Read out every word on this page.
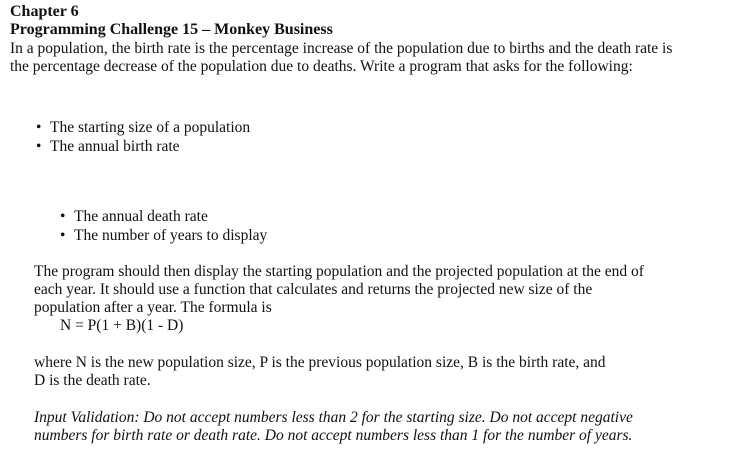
Chapter 6
Programming Challenge 15 – Monkey Business
In a population, the birth rate is the percentage increase of the population due to births and the death rate is the percentage decrease of the population due to deaths. Write a program that asks for the following:
• The starting size of a population
• The annual birth rate
• The annual death rate
• The number of years to display
The program should then display the starting population and the projected population at the end of each year. It should use a function that calculates and returns the projected new size of the population after a year. The formula is
N = P(1 + B)(1 - D)
where N is the new population size, P is the previous population size, B is the birth rate, and
D is the death rate.
Input Validation: Do not accept numbers less than 2 for the starting size. Do not accept negative numbers for birth rate or death rate. Do not accept numbers less than 1 for the number of years.
